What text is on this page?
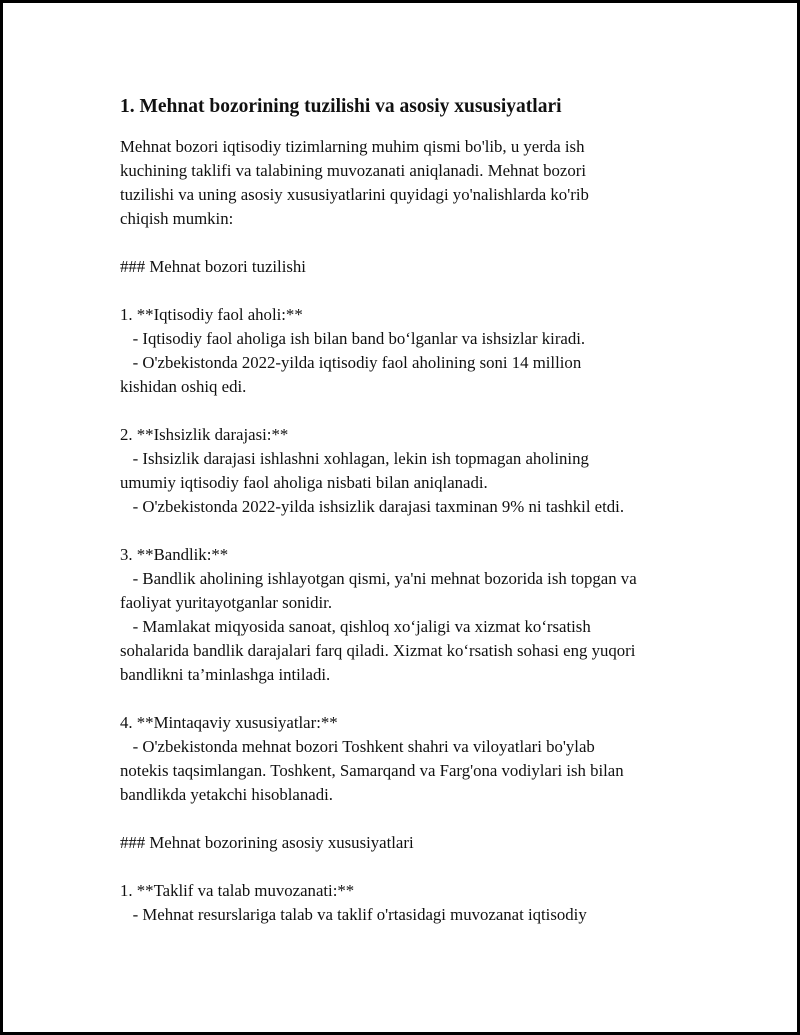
1. Mehnat bozorining tuzilishi va asosiy xususiyatlari

Mehnat bozori iqtisodiy tizimlarning muhim qismi bo'lib, u yerda ish
kuchining taklifi va talabining muvozanati aniqlanadi. Mehnat bozori
tuzilishi va uning asosiy xususiyatlarini quyidagi yo'nalishlarda ko'rib
chiqish mumkin:

### Mehnat bozori tuzilishi

1. **Iqtisodiy faol aholi:**
- Iqtisodiy faol aholiga ish bilan band bo‘lganlar va ishsizlar kiradi.
- O'zbekistonda 2022-yilda iqtisodiy faol aholining soni 14 million
kishidan oshiq edi.

2. **Ishsizlik darajasi:**
- Ishsizlik darajasi ishlashni xohlagan, lekin ish topmagan aholining
umumiy iqtisodiy faol aholiga nisbati bilan aniqlanadi.
- O'zbekistonda 2022-yilda ishsizlik darajasi taxminan 9% ni tashkil etdi.

3. **Bandlik:**
- Bandlik aholining ishlayotgan qismi, ya'ni mehnat bozorida ish topgan va
faoliyat yuritayotganlar sonidir.
- Mamlakat miqyosida sanoat, qishloq xo‘jaligi va xizmat ko‘rsatish
sohalarida bandlik darajalari farq qiladi. Xizmat ko‘rsatish sohasi eng yuqori
bandlikni ta’minlashga intiladi.

4. **Mintaqaviy xususiyatlar:**
- O'zbekistonda mehnat bozori Toshkent shahri va viloyatlari bo'ylab
notekis taqsimlangan. Toshkent, Samarqand va Farg'ona vodiylari ish bilan
bandlikda yetakchi hisoblanadi.

### Mehnat bozorining asosiy xususiyatlari

1. **Taklif va talab muvozanati:**
- Mehnat resurslariga talab va taklif o'rtasidagi muvozanat iqtisodiy
